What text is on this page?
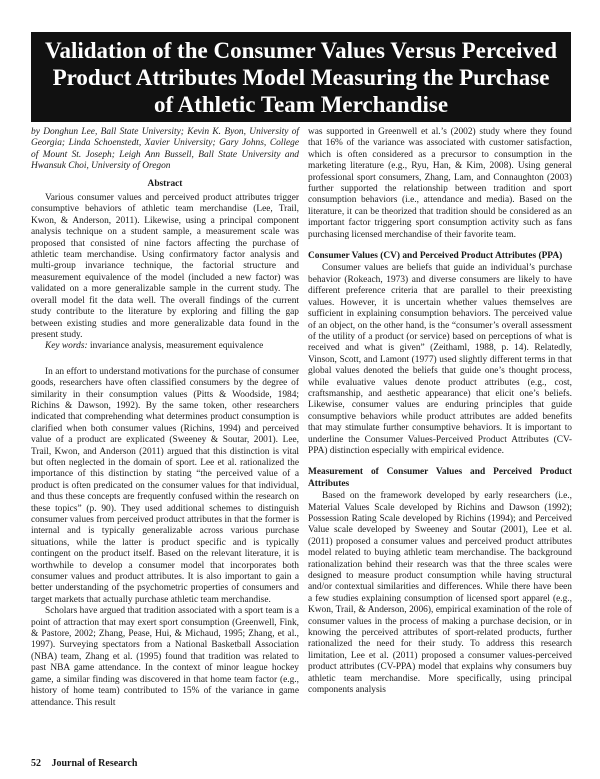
Validation of the Consumer Values Versus Perceived Product Attributes Model Measuring the Purchase of Athletic Team Merchandise

by Donghun Lee, Ball State University; Kevin K. Byon, University of Georgia; Linda Schoenstedt, Xavier University; Gary Johns, College of Mount St. Joseph; Leigh Ann Bussell, Ball State University and Hwansuk Choi, University of Oregon

Abstract

Various consumer values and perceived product attributes trigger consumptive behaviors of athletic team merchandise (Lee, Trail, Kwon, & Anderson, 2011). Likewise, using a principal component analysis technique on a student sample, a measurement scale was proposed that consisted of nine factors affecting the purchase of athletic team merchandise. Using confirmatory factor analysis and multi-group invariance technique, the factorial structure and measurement equivalence of the model (included a new factor) was validated on a more generalizable sample in the current study. The overall model fit the data well. The overall findings of the current study contribute to the literature by exploring and filling the gap between existing studies and more generalizable data found in the present study.

Key words: invariance analysis, measurement equivalence

In an effort to understand motivations for the purchase of consumer goods, researchers have often classified consumers by the degree of similarity in their consumption values (Pitts & Woodside, 1984; Richins & Dawson, 1992). By the same token, other researchers indicated that comprehending what determines product consumption is clarified when both consumer values (Richins, 1994) and perceived value of a product are explicated (Sweeney & Soutar, 2001). Lee, Trail, Kwon, and Anderson (2011) argued that this distinction is vital but often neglected in the domain of sport. Lee et al. rationalized the importance of this distinction by stating “the perceived value of a product is often predicated on the consumer values for that individual, and thus these concepts are frequently confused within the research on these topics” (p. 90). They used additional schemes to distinguish consumer values from perceived product attributes in that the former is internal and is typically generalizable across various purchase situations, while the latter is product specific and is typically contingent on the product itself. Based on the relevant literature, it is worthwhile to develop a consumer model that incorporates both consumer values and product attributes. It is also important to gain a better understanding of the psychometric properties of consumers and target markets that actually purchase athletic team merchandise.

Scholars have argued that tradition associated with a sport team is a point of attraction that may exert sport consumption (Greenwell, Fink, & Pastore, 2002; Zhang, Pease, Hui, & Michaud, 1995; Zhang, et al., 1997). Surveying spectators from a National Basketball Association (NBA) team, Zhang et al. (1995) found that tradition was related to past NBA game attendance. In the context of minor league hockey game, a similar finding was discovered in that home team factor (e.g., history of home team) contributed to 15% of the variance in game attendance. This result

was supported in Greenwell et al.’s (2002) study where they found that 16% of the variance was associated with customer satisfaction, which is often considered as a precursor to consumption in the marketing literature (e.g., Ryu, Han, & Kim, 2008). Using general professional sport consumers, Zhang, Lam, and Connaughton (2003) further supported the relationship between tradition and sport consumption behaviors (i.e., attendance and media). Based on the literature, it can be theorized that tradition should be considered as an important factor triggering sport consumption activity such as fans purchasing licensed merchandise of their favorite team.

Consumer Values (CV) and Perceived Product Attributes (PPA)

Consumer values are beliefs that guide an individual’s purchase behavior (Rokeach, 1973) and diverse consumers are likely to have different preference criteria that are parallel to their preexisting values. However, it is uncertain whether values themselves are sufficient in explaining consumption behaviors. The perceived value of an object, on the other hand, is the “consumer’s overall assessment of the utility of a product (or service) based on perceptions of what is received and what is given” (Zeithaml, 1988, p. 14). Relatedly, Vinson, Scott, and Lamont (1977) used slightly different terms in that global values denoted the beliefs that guide one’s thought process, while evaluative values denote product attributes (e.g., cost, craftsmanship, and aesthetic appearance) that elicit one’s beliefs. Likewise, consumer values are enduring principles that guide consumptive behaviors while product attributes are added benefits that may stimulate further consumptive behaviors. It is important to underline the Consumer Values-Perceived Product Attributes (CV-PPA) distinction especially with empirical evidence.

Measurement of Consumer Values and Perceived Product Attributes

Based on the framework developed by early researchers (i.e., Material Values Scale developed by Richins and Dawson (1992); Possession Rating Scale developed by Richins (1994); and Perceived Value scale developed by Sweeney and Soutar (2001), Lee et al. (2011) proposed a consumer values and perceived product attributes model related to buying athletic team merchandise. The background rationalization behind their research was that the three scales were designed to measure product consumption while having structural and/or contextual similarities and differences. While there have been a few studies explaining consumption of licensed sport apparel (e.g., Kwon, Trail, & Anderson, 2006), empirical examination of the role of consumer values in the process of making a purchase decision, or in knowing the perceived attributes of sport-related products, further rationalized the need for their study. To address this research limitation, Lee et al. (2011) proposed a consumer values-perceived product attributes (CV-PPA) model that explains why consumers buy athletic team merchandise. More specifically, using principal components analysis

52 Journal of Research
